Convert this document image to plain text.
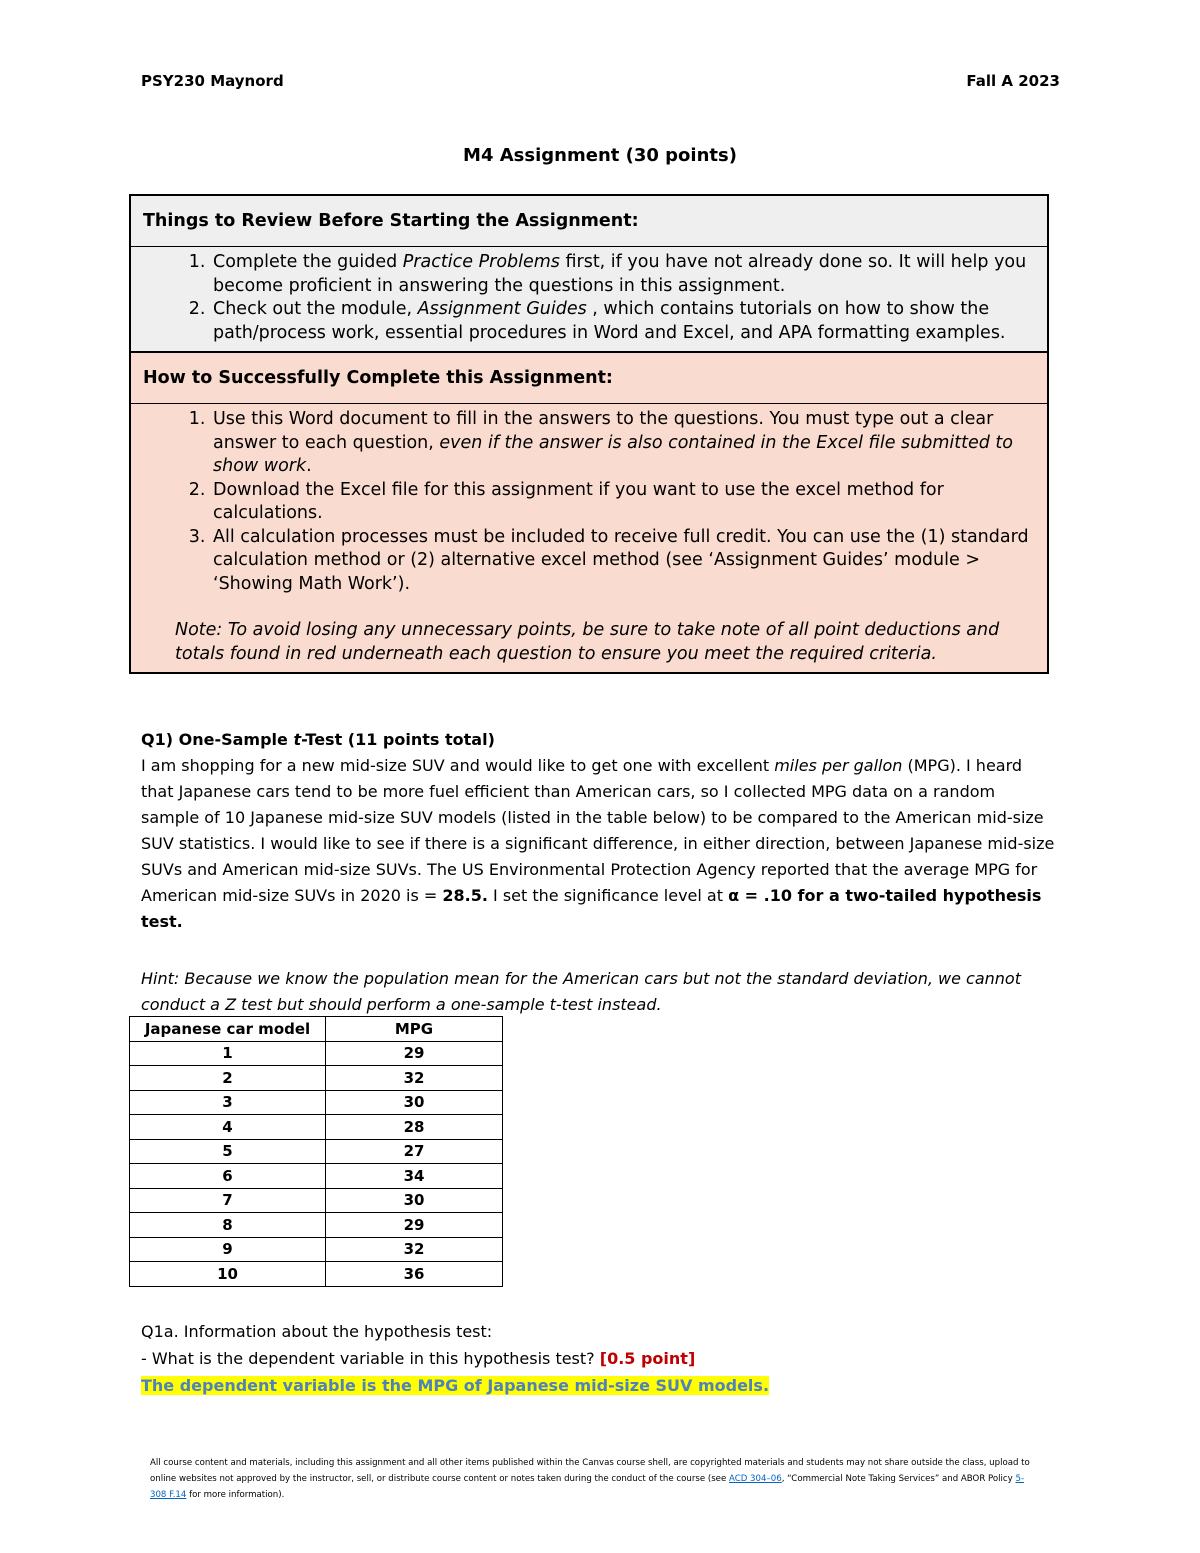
PSY230 Maynord	Fall A 2023
M4 Assignment (30 points)
Things to Review Before Starting the Assignment:
1. Complete the guided Practice Problems first, if you have not already done so. It will help you become proficient in answering the questions in this assignment.
2. Check out the module, Assignment Guides , which contains tutorials on how to show the path/process work, essential procedures in Word and Excel, and APA formatting examples.
How to Successfully Complete this Assignment:
1. Use this Word document to fill in the answers to the questions. You must type out a clear answer to each question, even if the answer is also contained in the Excel file submitted to show work.
2. Download the Excel file for this assignment if you want to use the excel method for calculations.
3. All calculation processes must be included to receive full credit. You can use the (1) standard calculation method or (2) alternative excel method (see ‘Assignment Guides’ module > ‘Showing Math Work’).
Note: To avoid losing any unnecessary points, be sure to take note of all point deductions and totals found in red underneath each question to ensure you meet the required criteria.
Q1) One-Sample t-Test (11 points total)
I am shopping for a new mid-size SUV and would like to get one with excellent miles per gallon (MPG). I heard that Japanese cars tend to be more fuel efficient than American cars, so I collected MPG data on a random sample of 10 Japanese mid-size SUV models (listed in the table below) to be compared to the American mid-size SUV statistics. I would like to see if there is a significant difference, in either direction, between Japanese mid-size SUVs and American mid-size SUVs. The US Environmental Protection Agency reported that the average MPG for American mid-size SUVs in 2020 is = 28.5. I set the significance level at α = .10 for a two-tailed hypothesis test.
Hint: Because we know the population mean for the American cars but not the standard deviation, we cannot conduct a Z test but should perform a one-sample t-test instead.
Japanese car model	MPG
1	29
2	32
3	30
4	28
5	27
6	34
7	30
8	29
9	32
10	36
Q1a. Information about the hypothesis test:
- What is the dependent variable in this hypothesis test? [0.5 point]
The dependent variable is the MPG of Japanese mid-size SUV models.
All course content and materials, including this assignment and all other items published within the Canvas course shell, are copyrighted materials and students may not share outside the class, upload to online websites not approved by the instructor, sell, or distribute course content or notes taken during the conduct of the course (see ACD 304–06, “Commercial Note Taking Services” and ABOR Policy 5-308 F.14 for more information).
